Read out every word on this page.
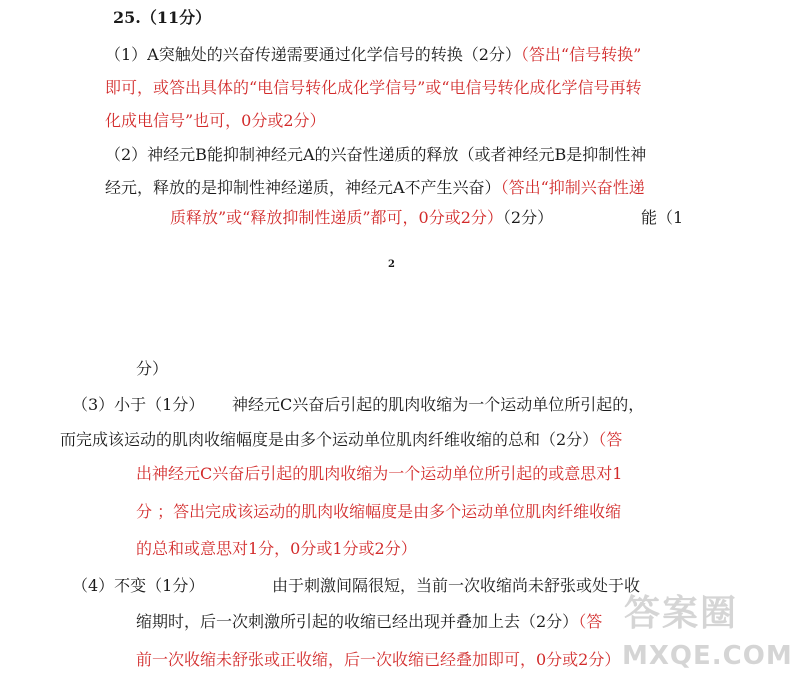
25.（11分）
（1）A突触处的兴奋传递需要通过化学信号的转换（2分）（答出“信号转换”
即可，或答出具体的“电信号转化成化学信号”或“电信号转化成化学信号再转
化成电信号”也可，0分或2分）
（2）神经元B能抑制神经元A的兴奋性递质的释放（或者神经元B是抑制性神
经元，释放的是抑制性神经递质，神经元A不产生兴奋）（答出“抑制兴奋性递
质释放”或“释放抑制性递质”都可，0分或2分）（2分）	能（1
2
分）
（3）小于（1分） 神经元C兴奋后引起的肌肉收缩为一个运动单位所引起的，
而完成该运动的肌肉收缩幅度是由多个运动单位肌肉纤维收缩的总和（2分）（答
出神经元C兴奋后引起的肌肉收缩为一个运动单位所引起的或意思对1
分 ；答出完成该运动的肌肉收缩幅度是由多个运动单位肌肉纤维收缩
的总和或意思对1分，0分或1分或2分）
（4）不变（1分）	由于刺激间隔很短，当前一次收缩尚未舒张或处于收
缩期时，后一次刺激所引起的收缩已经出现并叠加上去（2分）（答
前一次收缩未舒张或正收缩，后一次收缩已经叠加即可，0分或2分）
答案圈
MXQE.COM
